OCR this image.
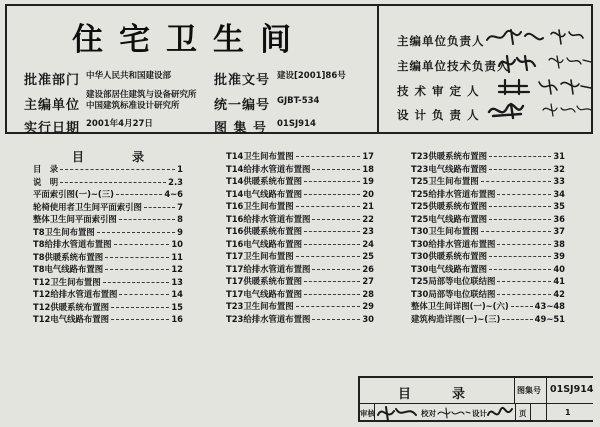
住宅卫生间
批准部门 中华人民共和国建设部
主编单位
建设部居住建筑与设备研究所
中国建筑标准设计研究所
实行日期 2001年4月27日
批准文号 建设[2001]86号
统一编号 GJBT-534
图 集 号 01SJ914
主编单位负责人
主编单位技术负责人
技 术 审 定 人
设 计 负 责 人
目 录
目　录	1
说　明	2.3
平面索引图(一)~(三)	4~6
轮椅使用者卫生间平面索引图	7
整体卫生间平面索引图	8
T8卫生间布置图	9
T8给排水管道布置图	10
T8供暖系统布置图	11
T8电气线路布置图	12
T12卫生间布置图	13
T12给排水管道布置图	14
T12供暖系统布置图	15
T12电气线路布置图	16
T14卫生间布置图	17
T14给排水管道布置图	18
T14供暖系统布置图	19
T14电气线路布置图	20
T16卫生间布置图	21
T16给排水管道布置图	22
T16供暖系统布置图	23
T16电气线路布置图	24
T17卫生间布置图	25
T17给排水管道布置图	26
T17供暖系统布置图	27
T17电气线路布置图	28
T23卫生间布置图	29
T23给排水管道布置图	30
T23供暖系统布置图	31
T23电气线路布置图	32
T25卫生间布置图	33
T25给排水管道布置图	34
T25供暖系统布置图	35
T25电气线路布置图	36
T30卫生间布置图	37
T30给排水管道布置图	38
T30供暖系统布置图	39
T30电气线路布置图	40
T25局部等电位联结图	41
T30局部等电位联结图	42
整体卫生间详图(一)~(六)	43~48
建筑构造详图(一)~(三)	49~51
目　录	图集号 01SJ914
审核	校对	设计	页	1
